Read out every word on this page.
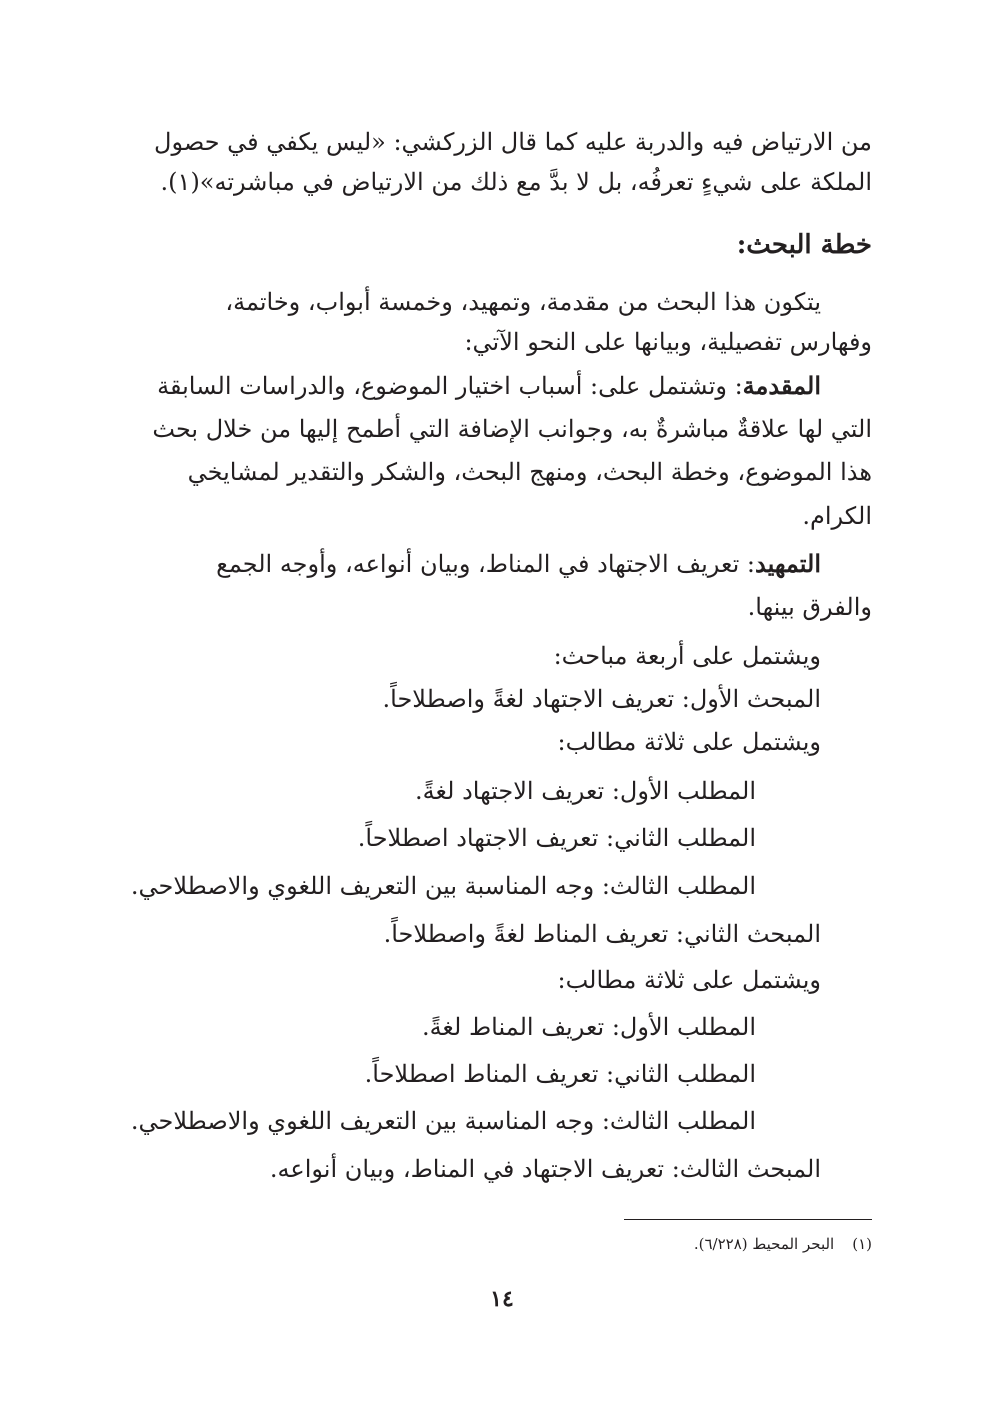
من الارتياض فيه والدربة عليه كما قال الزركشي: «ليس يكفي في حصول
الملكة على شيءٍ تعرفُه، بل لا بدَّ مع ذلك من الارتياض في مباشرته»(١).
خطة البحث:
يتكون هذا البحث من مقدمة، وتمهيد، وخمسة أبواب، وخاتمة،
وفهارس تفصيلية، وبيانها على النحو الآتي:
المقدمة: وتشتمل على: أسباب اختيار الموضوع، والدراسات السابقة
التي لها علاقةٌ مباشرةٌ به، وجوانب الإضافة التي أطمح إليها من خلال بحث
هذا الموضوع، وخطة البحث، ومنهج البحث، والشكر والتقدير لمشايخي
الكرام.
التمهيد: تعريف الاجتهاد في المناط، وبيان أنواعه، وأوجه الجمع
والفرق بينها.
ويشتمل على أربعة مباحث:
المبحث الأول: تعريف الاجتهاد لغةً واصطلاحاً.
ويشتمل على ثلاثة مطالب:
المطلب الأول: تعريف الاجتهاد لغةً.
المطلب الثاني: تعريف الاجتهاد اصطلاحاً.
المطلب الثالث: وجه المناسبة بين التعريف اللغوي والاصطلاحي.
المبحث الثاني: تعريف المناط لغةً واصطلاحاً.
ويشتمل على ثلاثة مطالب:
المطلب الأول: تعريف المناط لغةً.
المطلب الثاني: تعريف المناط اصطلاحاً.
المطلب الثالث: وجه المناسبة بين التعريف اللغوي والاصطلاحي.
المبحث الثالث: تعريف الاجتهاد في المناط، وبيان أنواعه.
(١)البحر المحيط (٦/٢٢٨).
١٤
